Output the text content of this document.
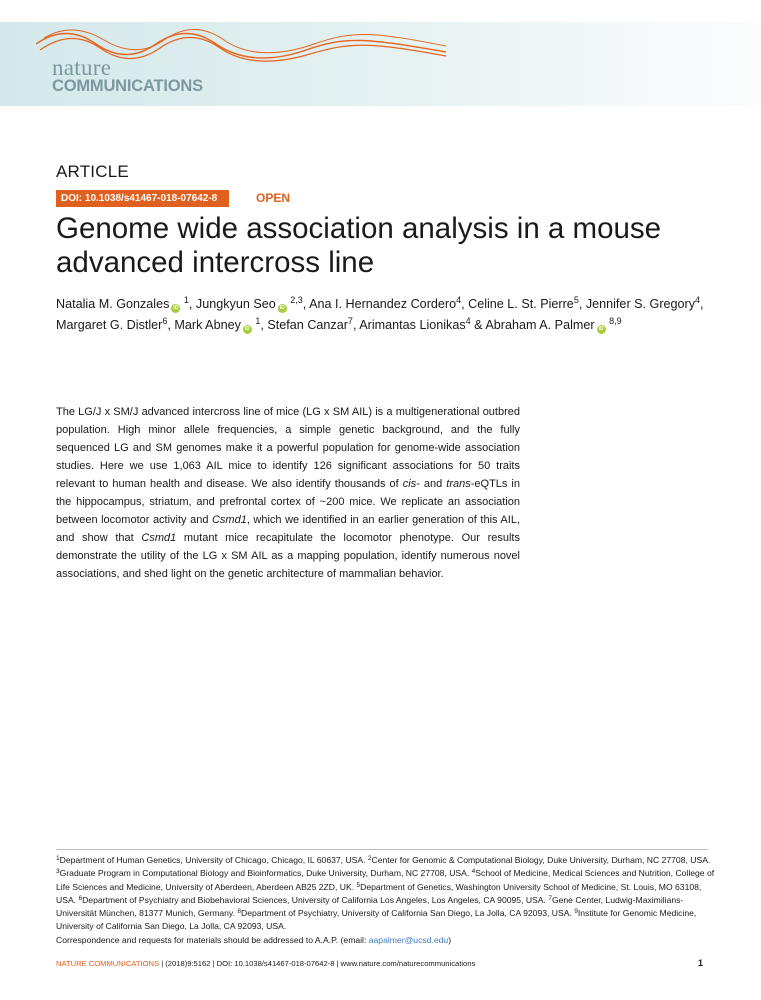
nature
COMMUNICATIONS
ARTICLE
DOI: 10.1038/s41467-018-07642-8	OPEN
Genome wide association analysis in a mouse advanced intercross line
Natalia M. Gonzales iD $^1$, Jungkyun Seo iD $^{2,3}$, Ana I. Hernandez Cordero$^4$, Celine L. St. Pierre$^5$, Jennifer S. Gregory$^4$, Margaret G. Distler$^6$, Mark Abney iD $^1$, Stefan Canzar$^7$, Arimantas Lionikas$^4$ & Abraham A. Palmer iD $^{8,9}$
The LG/J x SM/J advanced intercross line of mice (LG x SM AIL) is a multigenerational outbred population. High minor allele frequencies, a simple genetic background, and the fully sequenced LG and SM genomes make it a powerful population for genome-wide association studies. Here we use 1,063 AIL mice to identify 126 significant associations for 50 traits relevant to human health and disease. We also identify thousands of cis- and trans-eQTLs in the hippocampus, striatum, and prefrontal cortex of ~200 mice. We replicate an association between locomotor activity and Csmd1, which we identified in an earlier generation of this AIL, and show that Csmd1 mutant mice recapitulate the locomotor phenotype. Our results demonstrate the utility of the LG x SM AIL as a mapping population, identify numerous novel associations, and shed light on the genetic architecture of mammalian behavior.
$^1$Department of Human Genetics, University of Chicago, Chicago, IL 60637, USA. $^2$Center for Genomic & Computational Biology, Duke University, Durham, NC 27708, USA. $^3$Graduate Program in Computational Biology and Bioinformatics, Duke University, Durham, NC 27708, USA. $^4$School of Medicine, Medical Sciences and Nutrition, College of Life Sciences and Medicine, University of Aberdeen, Aberdeen AB25 2ZD, UK. $^5$Department of Genetics, Washington University School of Medicine, St. Louis, MO 63108, USA. $^6$Department of Psychiatry and Biobehavioral Sciences, University of California Los Angeles, Los Angeles, CA 90095, USA. $^7$Gene Center, Ludwig-Maximilians-Universität München, 81377 Munich, Germany. $^8$Department of Psychiatry, University of California San Diego, La Jolla, CA 92093, USA. $^9$Institute for Genomic Medicine, University of California San Diego, La Jolla, CA 92093, USA.
Correspondence and requests for materials should be addressed to A.A.P. (email: aapalmer@ucsd.edu)
NATURE COMMUNICATIONS | (2018)9:5162 | DOI: 10.1038/s41467-018-07642-8 | www.nature.com/naturecommunications	1
